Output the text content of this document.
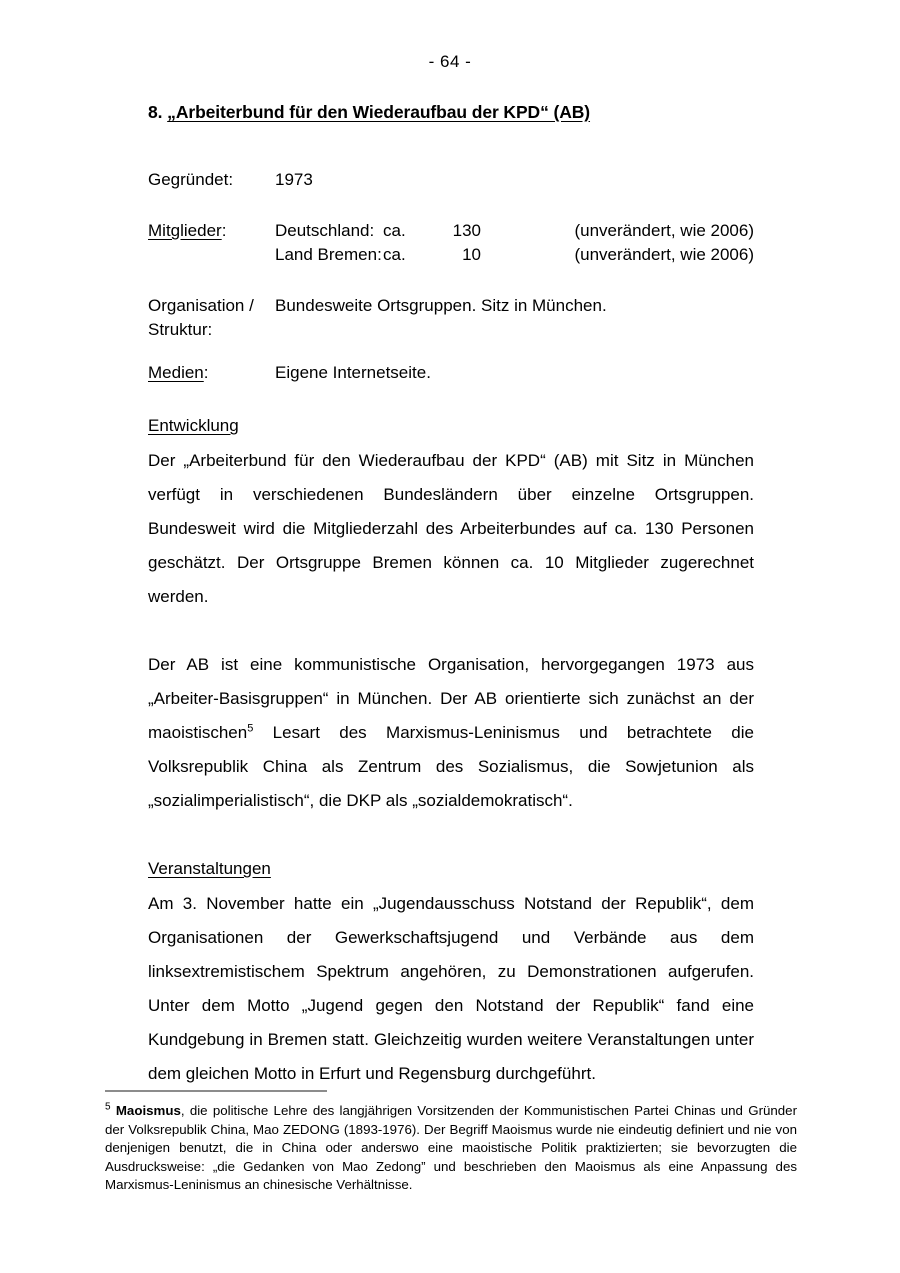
- 64 -
8. „Arbeiterbund für den Wiederaufbau der KPD“ (AB)
Gegründet:	1973
Mitglieder:	Deutschland: ca.	130	(unverändert, wie 2006)
Land Bremen: ca.	10	(unverändert, wie 2006)
Organisation /
Struktur:
Bundesweite Ortsgruppen. Sitz in München.
Medien:	Eigene Internetseite.
Entwicklung

Der „Arbeiterbund für den Wiederaufbau der KPD“ (AB) mit Sitz in München verfügt in verschiedenen Bundesländern über einzelne Ortsgruppen. Bundesweit wird die Mitgliederzahl des Arbeiterbundes auf ca. 130 Personen geschätzt. Der Ortsgruppe Bremen können ca. 10 Mitglieder zugerechnet werden.

Der AB ist eine kommunistische Organisation, hervorgegangen 1973 aus „Arbeiter-Basisgruppen“ in München. Der AB orientierte sich zunächst an der maoistischen$^5$ Lesart des Marxismus-Leninismus und betrachtete die Volksrepublik China als Zentrum des Sozialismus, die Sowjetunion als „sozialimperialistisch“, die DKP als „sozialdemokratisch“.

Veranstaltungen

Am 3. November hatte ein „Jugendausschuss Notstand der Republik“, dem Organisationen der Gewerkschaftsjugend und Verbände aus dem linksextremistischem Spektrum angehören, zu Demonstrationen aufgerufen. Unter dem Motto „Jugend gegen den Notstand der Republik“ fand eine Kundgebung in Bremen statt. Gleichzeitig wurden weitere Veranstaltungen unter dem gleichen Motto in Erfurt und Regensburg durchgeführt.

$^5$ Maoismus, die politische Lehre des langjährigen Vorsitzenden der Kommunistischen Partei Chinas und Gründer der Volksrepublik China, Mao ZEDONG (1893-1976). Der Begriff Maoismus wurde nie eindeutig definiert und nie von denjenigen benutzt, die in China oder anderswo eine maoistische Politik praktizierten; sie bevorzugten die Ausdrucksweise: „die Gedanken von Mao Zedong” und beschrieben den Maoismus als eine Anpassung des Marxismus-Leninismus an chinesische Verhältnisse.
